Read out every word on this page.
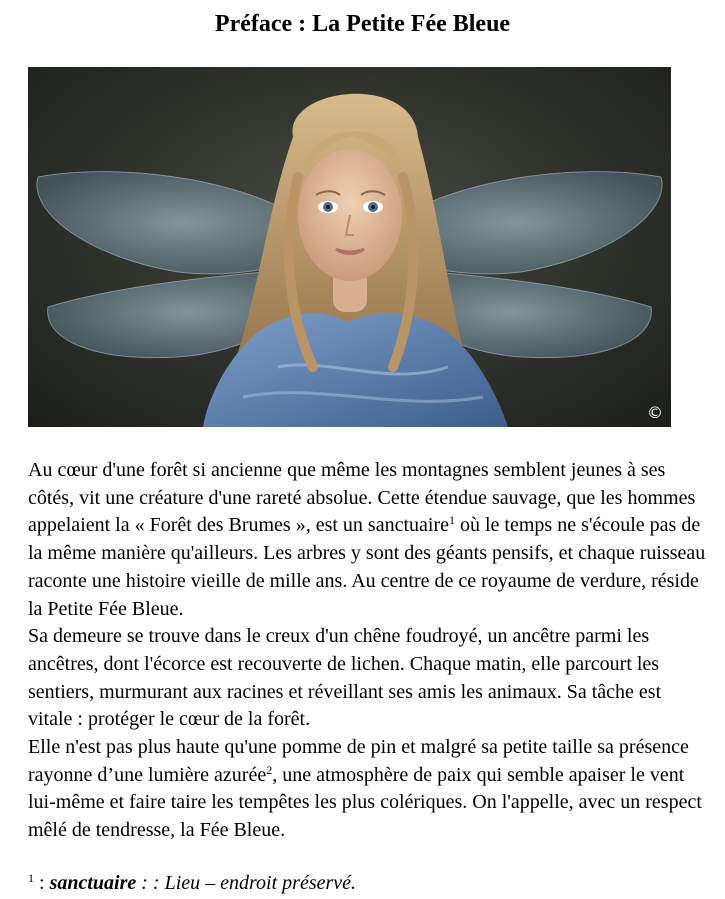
Préface : La Petite Fée Bleue
©

Au cœur d'une forêt si ancienne que même les montagnes semblent jeunes à ses côtés, vit une créature d'une rareté absolue. Cette étendue sauvage, que les hommes appelaient la « Forêt des Brumes », est un sanctuaire$^1$ où le temps ne s'écoule pas de la même manière qu'ailleurs. Les arbres y sont des géants pensifs, et chaque ruisseau raconte une histoire vieille de mille ans. Au centre de ce royaume de verdure, réside la Petite Fée Bleue.

Sa demeure se trouve dans le creux d'un chêne foudroyé, un ancêtre parmi les ancêtres, dont l'écorce est recouverte de lichen. Chaque matin, elle parcourt les sentiers, murmurant aux racines et réveillant ses amis les animaux. Sa tâche est vitale : protéger le cœur de la forêt.

Elle n'est pas plus haute qu'une pomme de pin et malgré sa petite taille sa présence rayonne d’une lumière azurée$^2$, une atmosphère de paix qui semble apaiser le vent lui-même et faire taire les tempêtes les plus colériques. On l'appelle, avec un respect mêlé de tendresse, la Fée Bleue.

$^1$ : sanctuaire : : Lieu – endroit préservé.
